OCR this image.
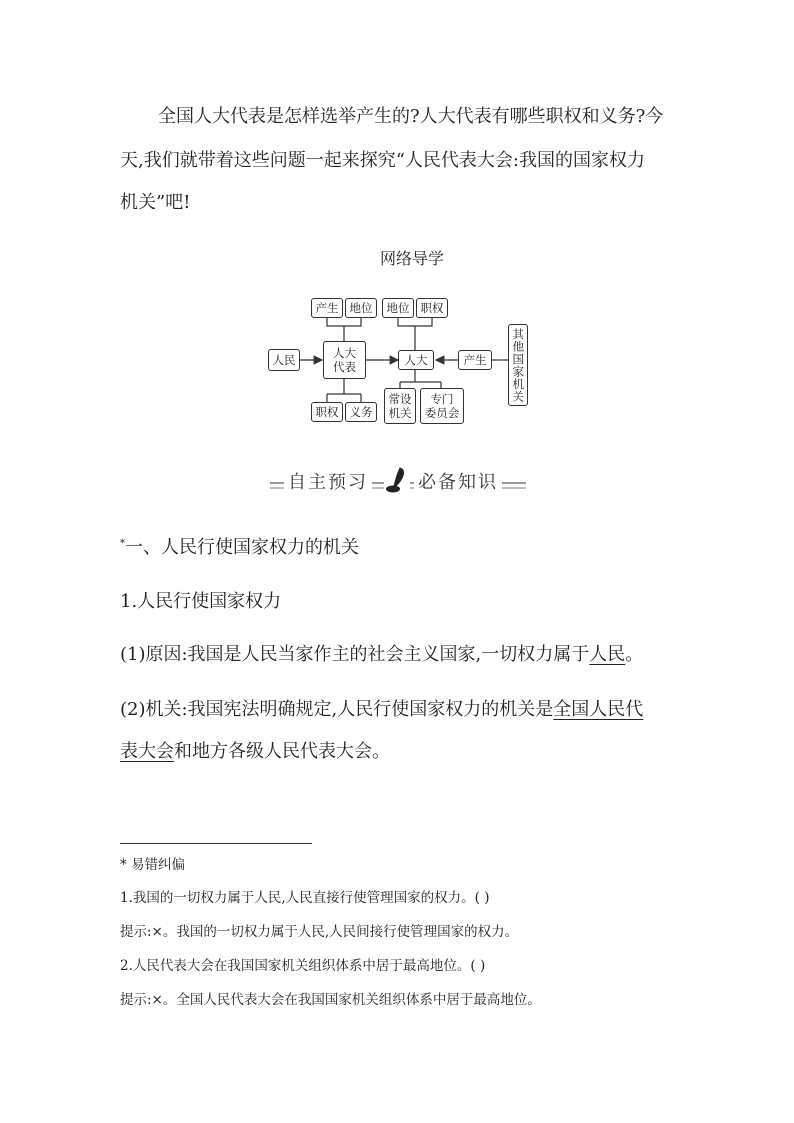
全国人大代表是怎样选举产生的?人大代表有哪些职权和义务?今
天,我们就带着这些问题一起来探究“人民代表大会:我国的国家权力
机关”吧!
网络导学
人民
人大
代表
产生 地位
职权 义务
人大
地位 职权
常设
机关
专门
委员会
产生 其他国家机关
自主预习	必备知识
*一、人民行使国家权力的机关
1.人民行使国家权力
(1)原因:我国是人民当家作主的社会主义国家,一切权力属于人民。
(2)机关:我国宪法明确规定,人民行使国家权力的机关是全国人民代
表大会和地方各级人民代表大会。
* 易错纠偏
1.我国的一切权力属于人民,人民直接行使管理国家的权力。( )
提示:×。我国的一切权力属于人民,人民间接行使管理国家的权力。
2.人民代表大会在我国国家机关组织体系中居于最高地位。( )
提示:×。全国人民代表大会在我国国家机关组织体系中居于最高地位。
